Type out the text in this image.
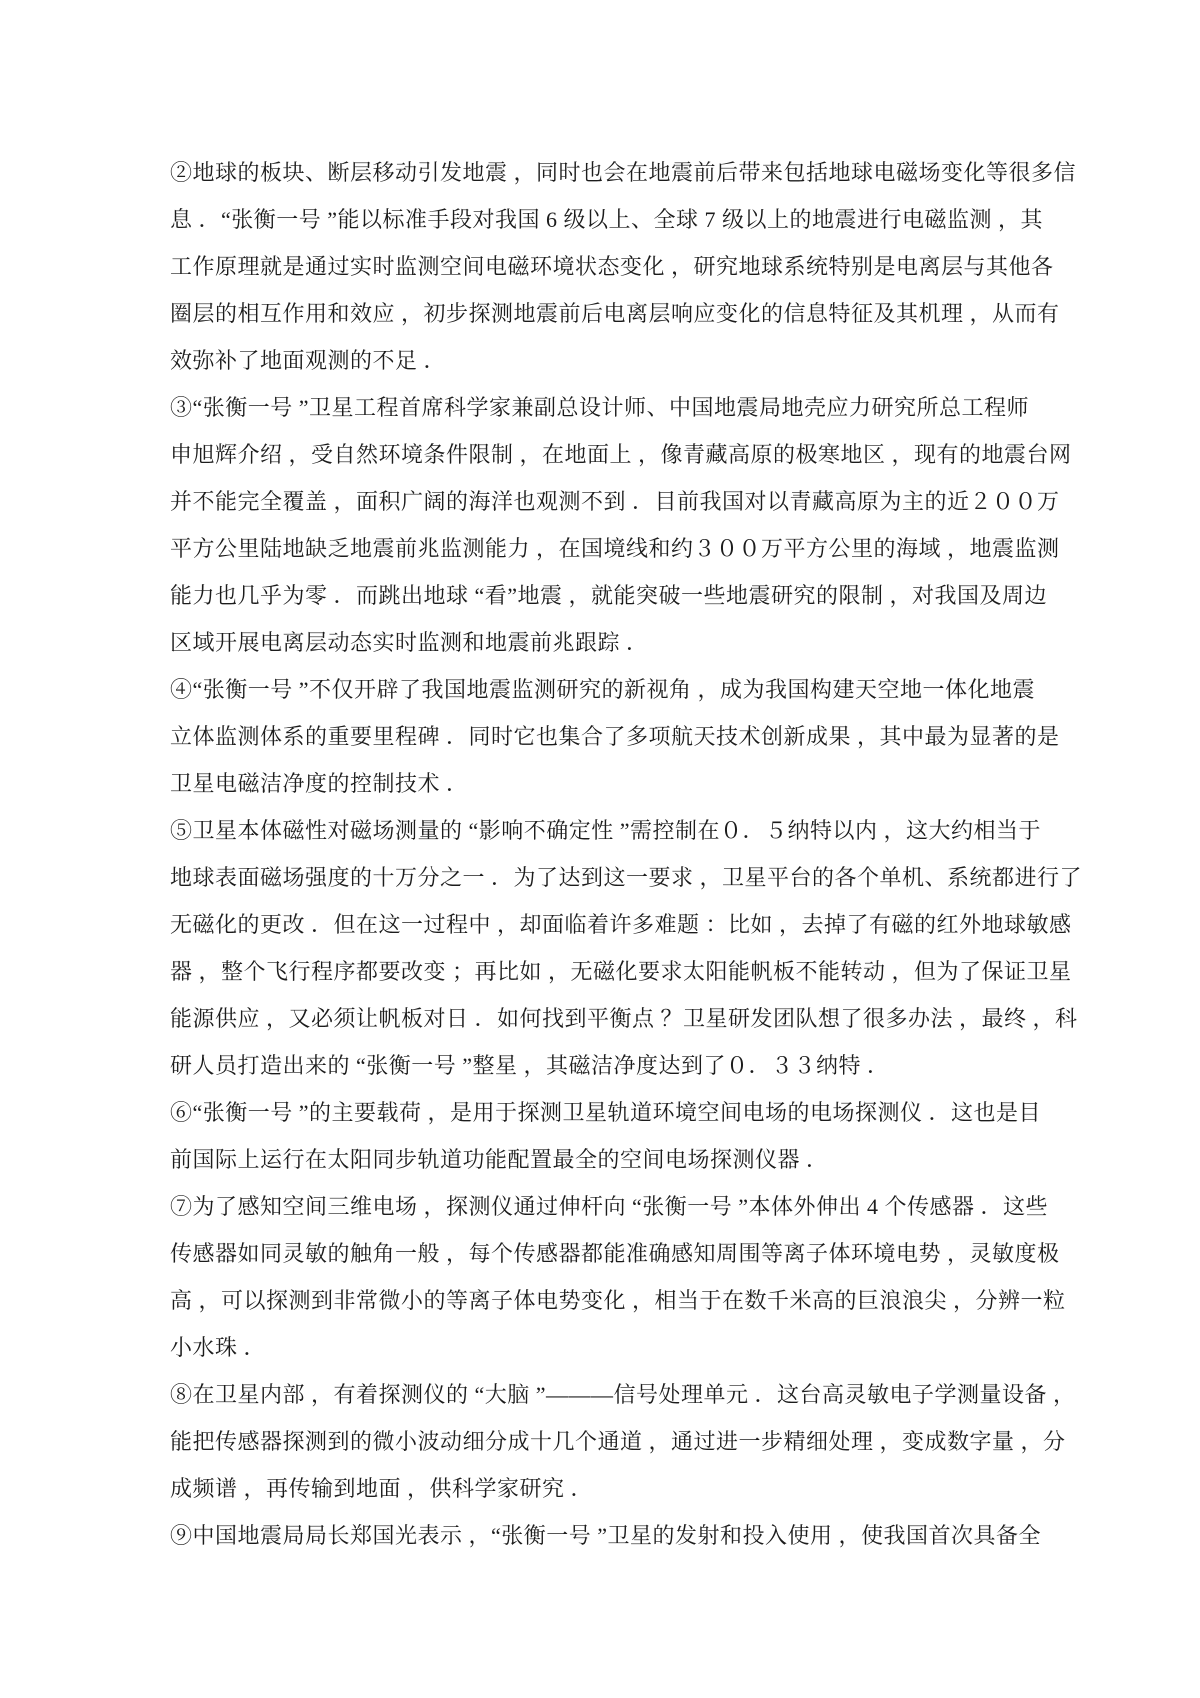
②地球的板块、断层移动引发地震 ，同时也会在地震前后带来包括地球电磁场变化等很多信
息 ．“张衡一号 ”能以标准手段对我国 6 级以上、全球 7 级以上的地震进行电磁监测 ，其
工作原理就是通过实时监测空间电磁环境状态变化 ，研究地球系统特别是电离层与其他各
圈层的相互作用和效应 ，初步探测地震前后电离层响应变化的信息特征及其机理 ，从而有
效弥补了地面观测的不足 ．
③“张衡一号 ”卫星工程首席科学家兼副总设计师、中国地震局地壳应力研究所总工程师
申旭辉介绍 ，受自然环境条件限制 ，在地面上 ，像青藏高原的极寒地区 ，现有的地震台网
并不能完全覆盖 ，面积广阔的海洋也观测不到 ．目前我国对以青藏高原为主的近２００万
平方公里陆地缺乏地震前兆监测能力 ，在国境线和约３００万平方公里的海域 ，地震监测
能力也几乎为零 ．而跳出地球 “看”地震 ，就能突破一些地震研究的限制 ，对我国及周边
区域开展电离层动态实时监测和地震前兆跟踪 ．
④“张衡一号 ”不仅开辟了我国地震监测研究的新视角 ，成为我国构建天空地一体化地震
立体监测体系的重要里程碑 ．同时它也集合了多项航天技术创新成果 ，其中最为显著的是
卫星电磁洁净度的控制技术 ．
⑤卫星本体磁性对磁场测量的 “影响不确定性 ”需控制在０．５纳特以内 ，这大约相当于
地球表面磁场强度的十万分之一 ．为了达到这一要求 ，卫星平台的各个单机、系统都进行了
无磁化的更改 ．但在这一过程中 ，却面临着许多难题 ：比如 ，去掉了有磁的红外地球敏感
器 ，整个飞行程序都要改变 ；再比如 ，无磁化要求太阳能帆板不能转动 ，但为了保证卫星
能源供应 ，又必须让帆板对日 ．如何找到平衡点 ？卫星研发团队想了很多办法 ，最终 ，科
研人员打造出来的 “张衡一号 ”整星 ，其磁洁净度达到了０．３３纳特 ．
⑥“张衡一号 ”的主要载荷 ，是用于探测卫星轨道环境空间电场的电场探测仪 ．这也是目
前国际上运行在太阳同步轨道功能配置最全的空间电场探测仪器 ．
⑦为了感知空间三维电场 ，探测仪通过伸杆向 “张衡一号 ”本体外伸出 4 个传感器 ．这些
传感器如同灵敏的触角一般 ，每个传感器都能准确感知周围等离子体环境电势 ，灵敏度极
高 ，可以探测到非常微小的等离子体电势变化 ，相当于在数千米高的巨浪浪尖 ，分辨一粒
小水珠 ．
⑧在卫星内部 ，有着探测仪的 “大脑 ”———信号处理单元 ．这台高灵敏电子学测量设备 ，
能把传感器探测到的微小波动细分成十几个通道 ，通过进一步精细处理 ，变成数字量 ，分
成频谱 ，再传输到地面 ，供科学家研究 ．
⑨中国地震局局长郑国光表示 ，“张衡一号 ”卫星的发射和投入使用 ，使我国首次具备全
